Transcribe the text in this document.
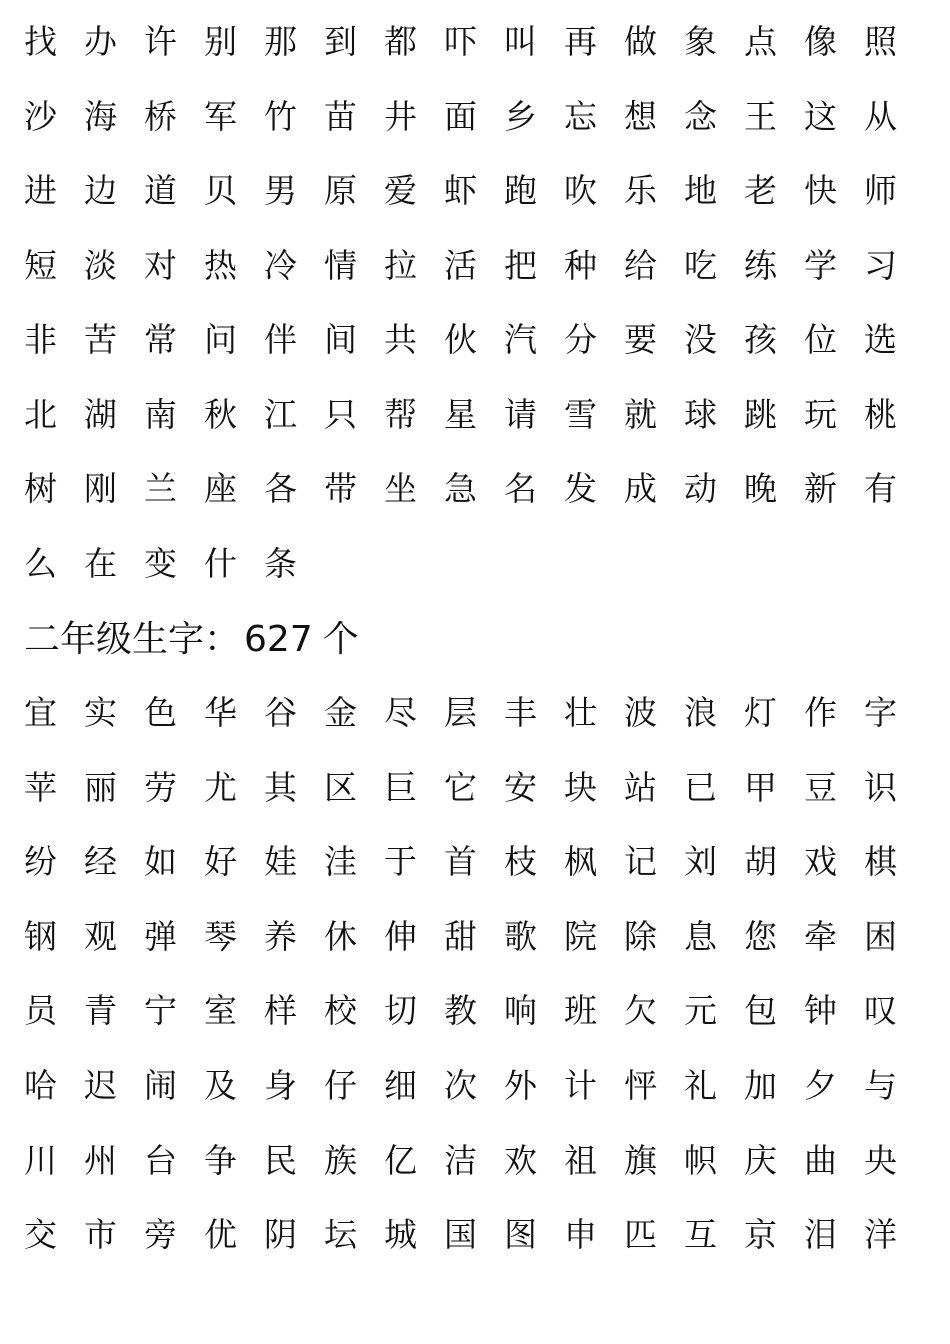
找 办 许 别 那 到 都 吓 叫 再 做 象 点 像 照
沙 海 桥 军 竹 苗 井 面 乡 忘 想 念 王 这 从
进 边 道 贝 男 原 爱 虾 跑 吹 乐 地 老 快 师
短 淡 对 热 冷 情 拉 活 把 种 给 吃 练 学 习
非 苦 常 问 伴 间 共 伙 汽 分 要 没 孩 位 选
北 湖 南 秋 江 只 帮 星 请 雪 就 球 跳 玩 桃
树 刚 兰 座 各 带 坐 急 名 发 成 动 晚 新 有
么 在 变 什 条
二年级生字： 627 个
宜 实 色 华 谷 金 尽 层 丰 壮 波 浪 灯 作 字
苹 丽 劳 尤 其 区 巨 它 安 块 站 已 甲 豆 识
纷 经 如 好 娃 洼 于 首 枝 枫 记 刘 胡 戏 棋
钢 观 弹 琴 养 休 伸 甜 歌 院 除 息 您 牵 困
员 青 宁 室 样 校 切 教 响 班 欠 元 包 钟 叹
哈 迟 闹 及 身 仔 细 次 外 计 怦 礼 加 夕 与
川 州 台 争 民 族 亿 洁 欢 祖 旗 帜 庆 曲 央
交 市 旁 优 阴 坛 城 国 图 申 匹 互 京 泪 洋
